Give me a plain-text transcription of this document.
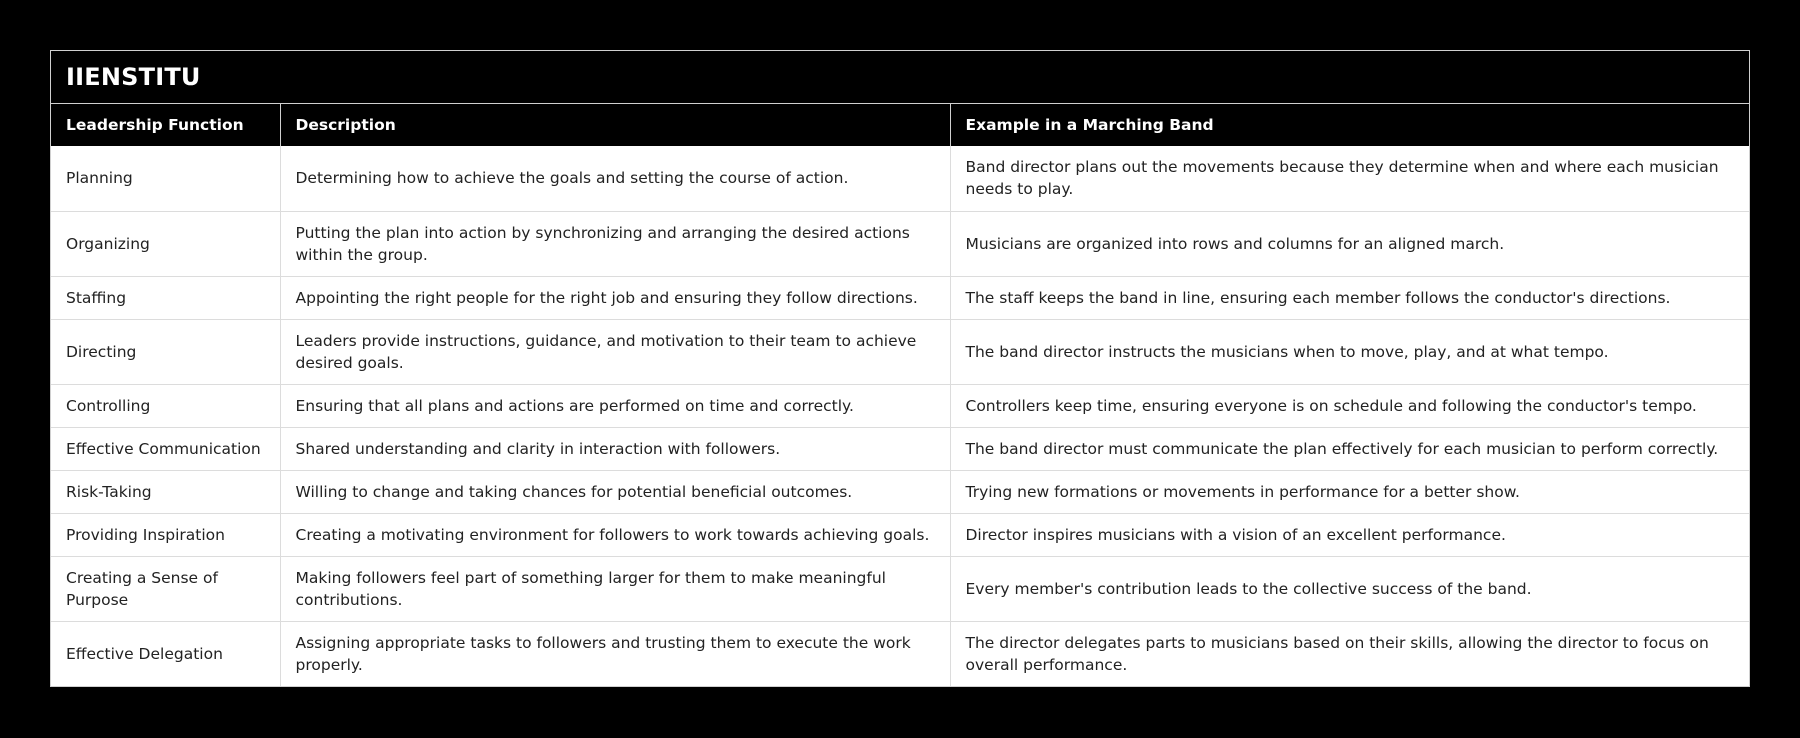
IIENSTITU
Leadership Function	Description	Example in a Marching Band
Planning	Determining how to achieve the goals and setting the course of action.	Band director plans out the movements because they determine when and where each musician needs to play.
Organizing	Putting the plan into action by synchronizing and arranging the desired actions within the group.	Musicians are organized into rows and columns for an aligned march.
Staffing	Appointing the right people for the right job and ensuring they follow directions.	The staff keeps the band in line, ensuring each member follows the conductor's directions.
Directing	Leaders provide instructions, guidance, and motivation to their team to achieve desired goals.	The band director instructs the musicians when to move, play, and at what tempo.
Controlling	Ensuring that all plans and actions are performed on time and correctly.	Controllers keep time, ensuring everyone is on schedule and following the conductor's tempo.
Effective Communication	Shared understanding and clarity in interaction with followers.	The band director must communicate the plan effectively for each musician to perform correctly.
Risk-Taking	Willing to change and taking chances for potential beneficial outcomes.	Trying new formations or movements in performance for a better show.
Providing Inspiration	Creating a motivating environment for followers to work towards achieving goals.	Director inspires musicians with a vision of an excellent performance.
Creating a Sense of Purpose	Making followers feel part of something larger for them to make meaningful contributions.	Every member's contribution leads to the collective success of the band.
Effective Delegation	Assigning appropriate tasks to followers and trusting them to execute the work properly.	The director delegates parts to musicians based on their skills, allowing the director to focus on overall performance.
